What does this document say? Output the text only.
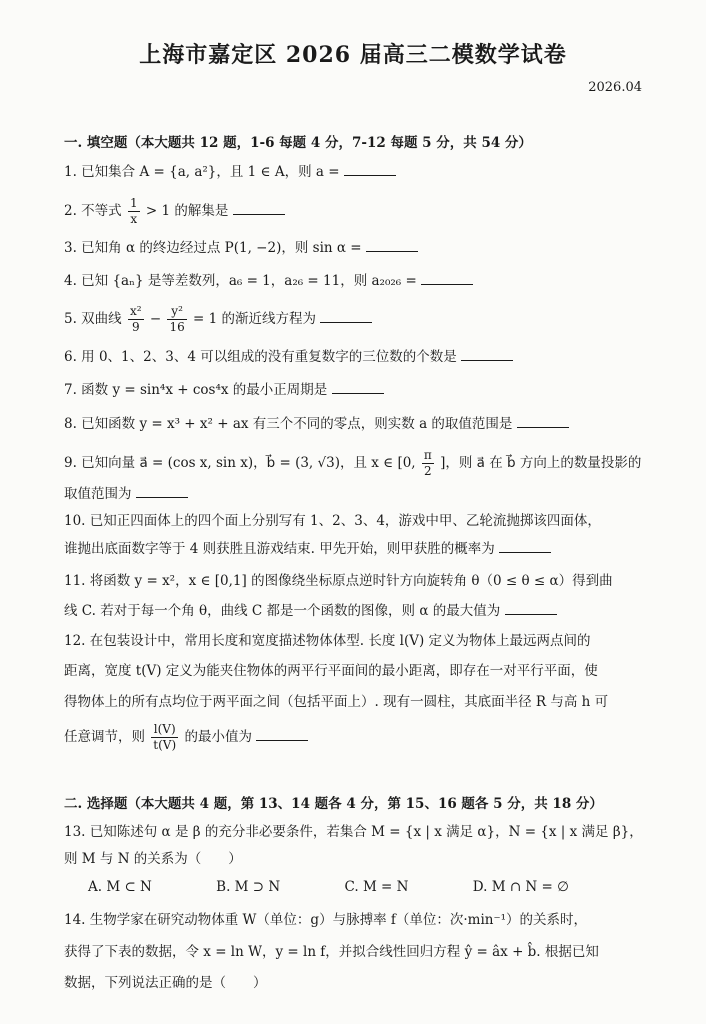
上海市嘉定区 2026 届高三二模数学试卷
2026.04
一. 填空题（本大题共 12 题，1-6 每题 4 分，7-12 每题 5 分，共 54 分）
1. 已知集合 A = {a, a²}，且 1 ∈ A，则 a =
2. 不等式 $\frac{1}{x} > 1$ 的解集是
3. 已知角 α 的终边经过点 P(1, −2)，则 sin α =
4. 已知 {aₙ} 是等差数列，a₆ = 1，a₂₆ = 11，则 a₂₀₂₆ =
5. 双曲线 $\frac{\text{x²}}{9} - \frac{\text{y²}}{16} = 1$ 的渐近线方程为
6. 用 0、1、2、3、4 可以组成的没有重复数字的三位数的个数是
7. 函数 y = sin⁴x + cos⁴x 的最小正周期是
8. 已知函数 y = x³ + x² + ax 有三个不同的零点，则实数 a 的取值范围是
9. 已知向量 a⃗ = (cos x, sin x)，b⃗ = (3, √3)，且 x ∈ [0, $\frac{\pi}{2}$ ]，则 a⃗ 在 b⃗ 方向上的数量投影的
取值范围为
10. 已知正四面体上的四个面上分别写有 1、2、3、4，游戏中甲、乙轮流抛掷该四面体，
谁抛出底面数字等于 4 则获胜且游戏结束. 甲先开始，则甲获胜的概率为
11. 将函数 y = x²，x ∈ [0,1] 的图像绕坐标原点逆时针方向旋转角 θ（0 ≤ θ ≤ α）得到曲
线 C. 若对于每一个角 θ，曲线 C 都是一个函数的图像，则 α 的最大值为
12. 在包装设计中，常用长度和宽度描述物体体型. 长度 l(V) 定义为物体上最远两点间的
距离，宽度 t(V) 定义为能夹住物体的两平行平面间的最小距离，即存在一对平行平面，使
得物体上的所有点均位于两平面之间（包括平面上）. 现有一圆柱，其底面半径 R 与高 h 可
任意调节，则 $\frac{l(V)}{t(V)}$ 的最小值为
二. 选择题（本大题共 4 题，第 13、14 题各 4 分，第 15、16 题各 5 分，共 18 分）
13. 已知陈述句 α 是 β 的充分非必要条件，若集合 M = {x | x 满足 α}，N = {x | x 满足 β}，
则 M 与 N 的关系为（　　）
A. M ⊂ N	B. M ⊃ N	C. M = N	D. M ∩ N = ∅
14. 生物学家在研究动物体重 W（单位：g）与脉搏率 f（单位：次·min⁻¹）的关系时，
获得了下表的数据，令 x = ln W，y = ln f，并拟合线性回归方程 ŷ = âx + b̂. 根据已知
数据，下列说法正确的是（　　）
